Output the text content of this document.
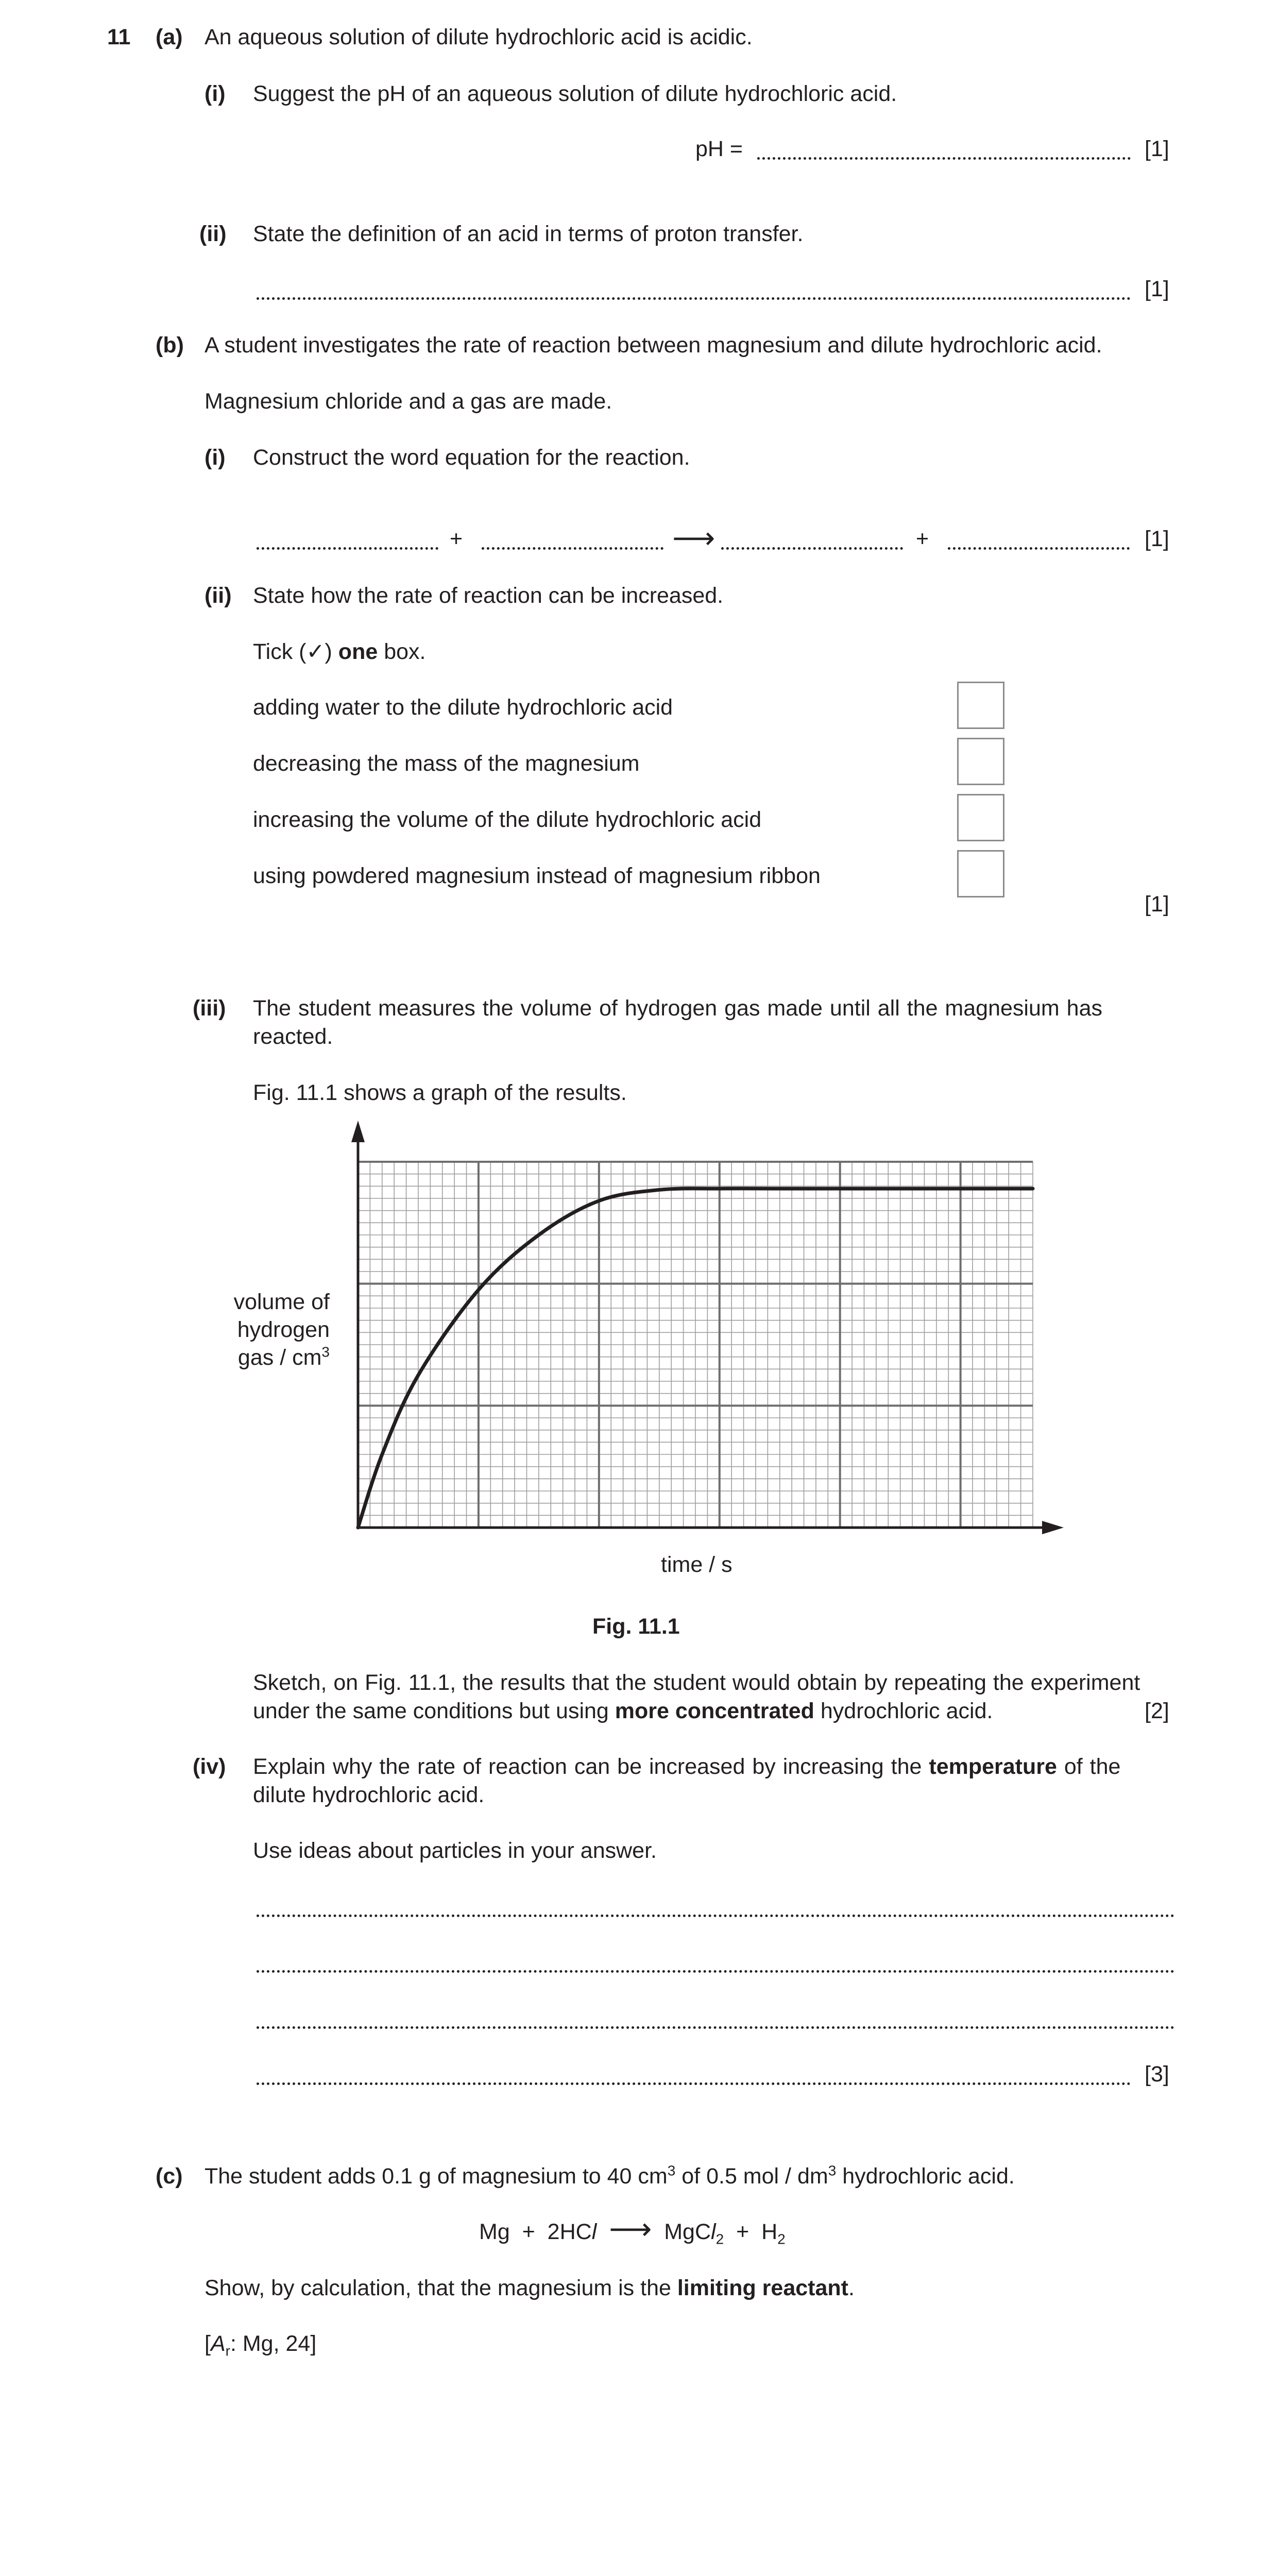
11 (a) An aqueous solution of dilute hydrochloric acid is acidic.
(i) Suggest the pH of an aqueous solution of dilute hydrochloric acid.
pH =	[1]
(ii) State the definition of an acid in terms of proton transfer.
[1]
(b) A student investigates the rate of reaction between magnesium and dilute hydrochloric acid.
Magnesium chloride and a gas are made.
(i) Construct the word equation for the reaction.
+	⟶	+	[1]
(ii) State how the rate of reaction can be increased.
Tick (✓) one box.
adding water to the dilute hydrochloric acid
decreasing the mass of the magnesium
increasing the volume of the dilute hydrochloric acid
using powdered magnesium instead of magnesium ribbon
[1]
(iii) The student measures the volume of hydrogen gas made until all the magnesium has
reacted.
Fig. 11.1 shows a graph of the results.
volume of
hydrogen
gas / $cm^3$
time / s
Fig. 11.1
Sketch, on Fig. 11.1, the results that the student would obtain by repeating the experiment
under the same conditions but using more concentrated hydrochloric acid.	[2]
(iv) Explain why the rate of reaction can be increased by increasing the temperature of the
dilute hydrochloric acid.
Use ideas about particles in your answer.
[3]
(c) The student adds 0.1 g of magnesium to 40 $cm^3$ of 0.5 mol / $dm^3$ hydrochloric acid.
Mg + 2HCl ⟶ MgCl$_2$ + $H_2$
Show, by calculation, that the magnesium is the limiting reactant.
[$A_r$: Mg, 24]
